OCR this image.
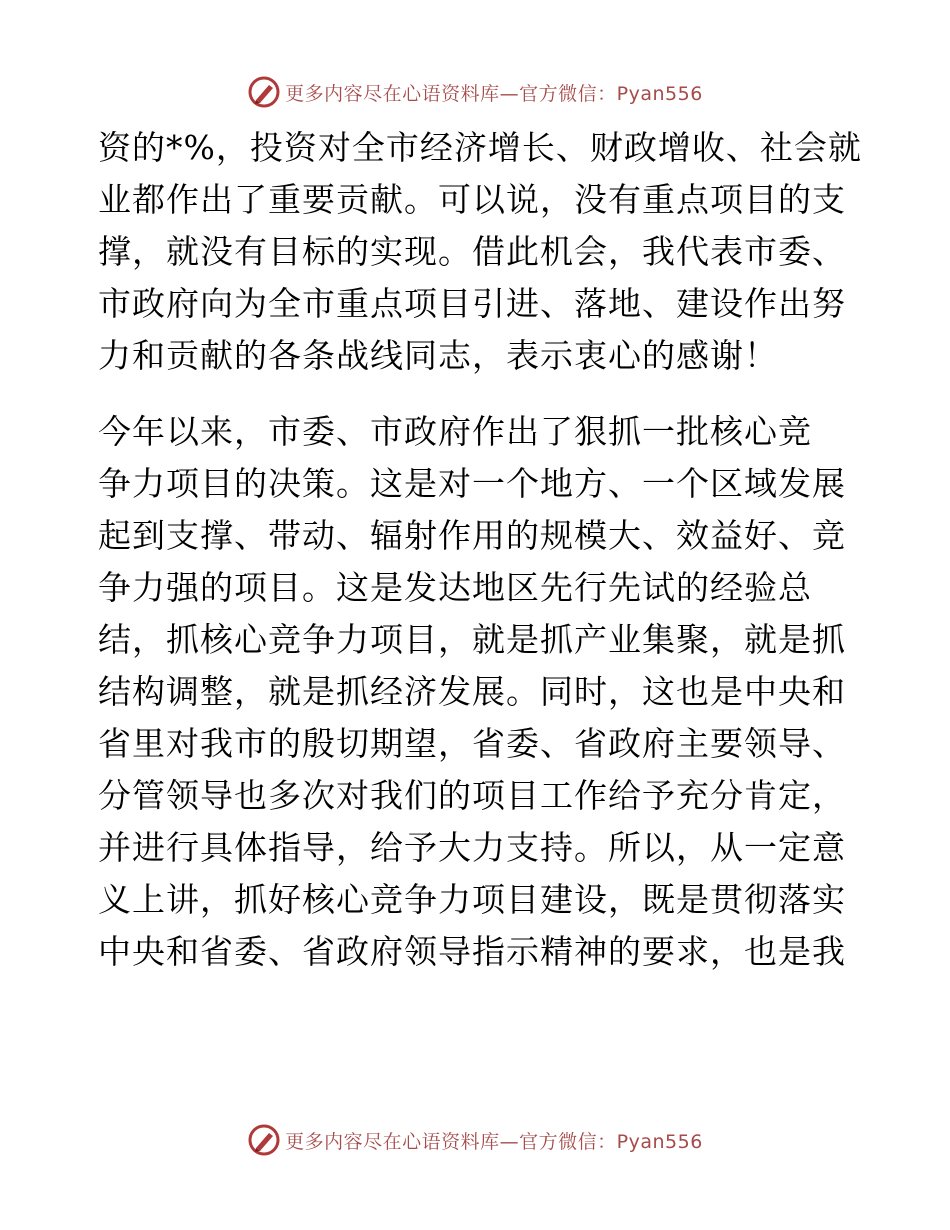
更多内容尽在心语资料库—官方微信：Pyan556
资的*%，投资对全市经济增长、财政增收、社会就
业都作出了重要贡献。可以说，没有重点项目的支
撑，就没有目标的实现。借此机会，我代表市委、
市政府向为全市重点项目引进、落地、建设作出努
力和贡献的各条战线同志，表示衷心的感谢！
今年以来，市委、市政府作出了狠抓一批核心竞
争力项目的决策。这是对一个地方、一个区域发展
起到支撑、带动、辐射作用的规模大、效益好、竞
争力强的项目。这是发达地区先行先试的经验总
结，抓核心竞争力项目，就是抓产业集聚，就是抓
结构调整，就是抓经济发展。同时，这也是中央和
省里对我市的殷切期望，省委、省政府主要领导、
分管领导也多次对我们的项目工作给予充分肯定，
并进行具体指导，给予大力支持。所以，从一定意
义上讲，抓好核心竞争力项目建设，既是贯彻落实
中央和省委、省政府领导指示精神的要求，也是我
更多内容尽在心语资料库—官方微信：Pyan556
